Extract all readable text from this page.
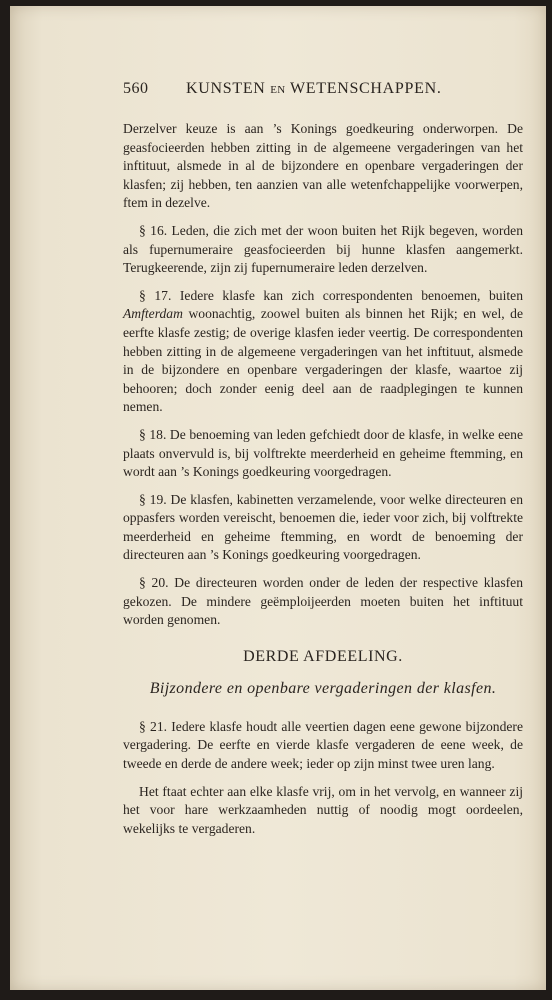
560 KUNSTEN EN WETENSCHAPPEN.

Derzelver keuze is aan ’s Konings goedkeuring onderworpen. De geasfocieerden hebben zitting in de algemeene vergaderingen van het inftituut, alsmede in al de bijzondere en openbare vergaderingen der klasfen; zij hebben, ten aanzien van alle wetenfchappelijke voorwerpen, ftem in dezelve.

§ 16. Leden, die zich met der woon buiten het Rijk begeven, worden als fupernumeraire geasfocieerden bij hunne klasfen aangemerkt. Terugkeerende, zijn zij fupernumeraire leden derzelven.

§ 17. Iedere klasfe kan zich correspondenten benoemen, buiten Amfterdam woonachtig, zoowel buiten als binnen het Rijk; en wel, de eerfte klasfe zestig; de overige klasfen ieder veertig. De correspondenten hebben zitting in de algemeene vergaderingen van het inftituut, alsmede in de bijzondere en openbare vergaderingen der klasfe, waartoe zij behooren; doch zonder eenig deel aan de raadplegingen te kunnen nemen.

§ 18. De benoeming van leden gefchiedt door de klasfe, in welke eene plaats onvervuld is, bij volftrekte meerderheid en geheime ftemming, en wordt aan ’s Konings goedkeuring voorgedragen.

§ 19. De klasfen, kabinetten verzamelende, voor welke directeuren en oppasfers worden vereischt, benoemen die, ieder voor zich, bij volftrekte meerderheid en geheime ftemming, en wordt de benoeming der directeuren aan ’s Konings goedkeuring voorgedragen.

§ 20. De directeuren worden onder de leden der respective klasfen gekozen. De mindere geëmploijeerden moeten buiten het inftituut worden genomen.

DERDE AFDEELING.
Bijzondere en openbare vergaderingen der klasfen.

§ 21. Iedere klasfe houdt alle veertien dagen eene gewone bijzondere vergadering. De eerfte en vierde klasfe vergaderen de eene week, de tweede en derde de andere week; ieder op zijn minst twee uren lang.

Het ftaat echter aan elke klasfe vrij, om in het vervolg, en wanneer zij het voor hare werkzaamheden nuttig of noodig mogt oordeelen, wekelijks te vergaderen.
